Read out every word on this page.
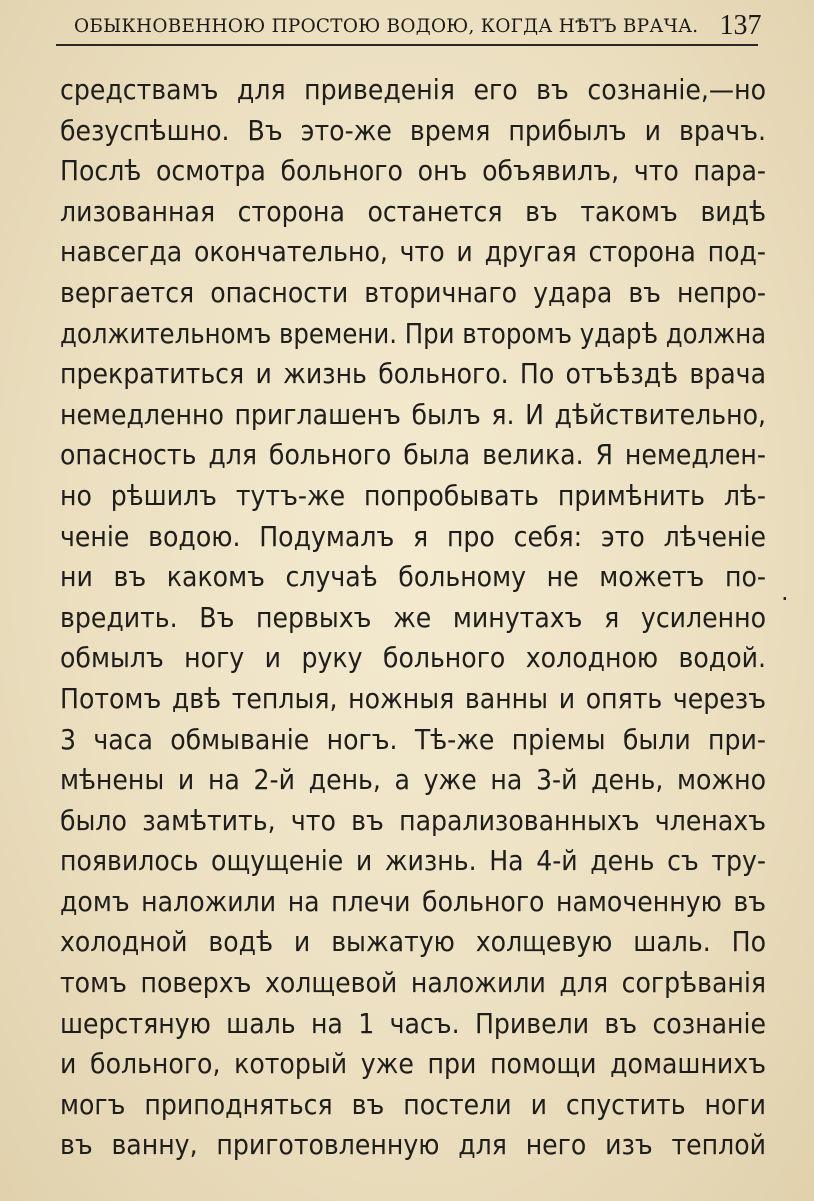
ОБЫКНОВЕННОЮ ПРОСТОЮ ВОДОЮ, КОГДА НѢТЪ ВРАЧА. 137
средствамъ для приведенія его въ сознаніе,—но
безуспѣшно. Въ это-же время прибылъ и врачъ.
Послѣ осмотра больного онъ объявилъ, что пара-
лизованная сторона останется въ такомъ видѣ
навсегда окончательно, что и другая сторона под-
вергается опасности вторичнаго удара въ непро-
должительномъ времени. При второмъ ударѣ должна
прекратиться и жизнь больного. По отъѣздѣ врача
немедленно приглашенъ былъ я. И дѣйствительно,
опасность для больного была велика. Я немедлен-
но рѣшилъ тутъ-же попробывать примѣнить лѣ-
ченіе водою. Подумалъ я про себя: это лѣченіе
ни въ какомъ случаѣ больному не можетъ по-
вредить. Въ первыхъ же минутахъ я усиленно
обмылъ ногу и руку больного холодною водой.
Потомъ двѣ теплыя, ножныя ванны и опять черезъ
3 часа обмываніе ногъ. Тѣ-же пріемы были при-
мѣнены и на 2-й день, а уже на 3-й день, можно
было замѣтить, что въ парализованныхъ членахъ
появилось ощущеніе и жизнь. На 4-й день съ тру-
домъ наложили на плечи больного намоченную въ
холодной водѣ и выжатую холщевую шаль. По
томъ поверхъ холщевой наложили для согрѣванія
шерстяную шаль на 1 часъ. Привели въ сознаніе
и больного, который уже при помощи домашнихъ
могъ приподняться въ постели и спустить ноги
въ ванну, приготовленную для него изъ теплой
·
